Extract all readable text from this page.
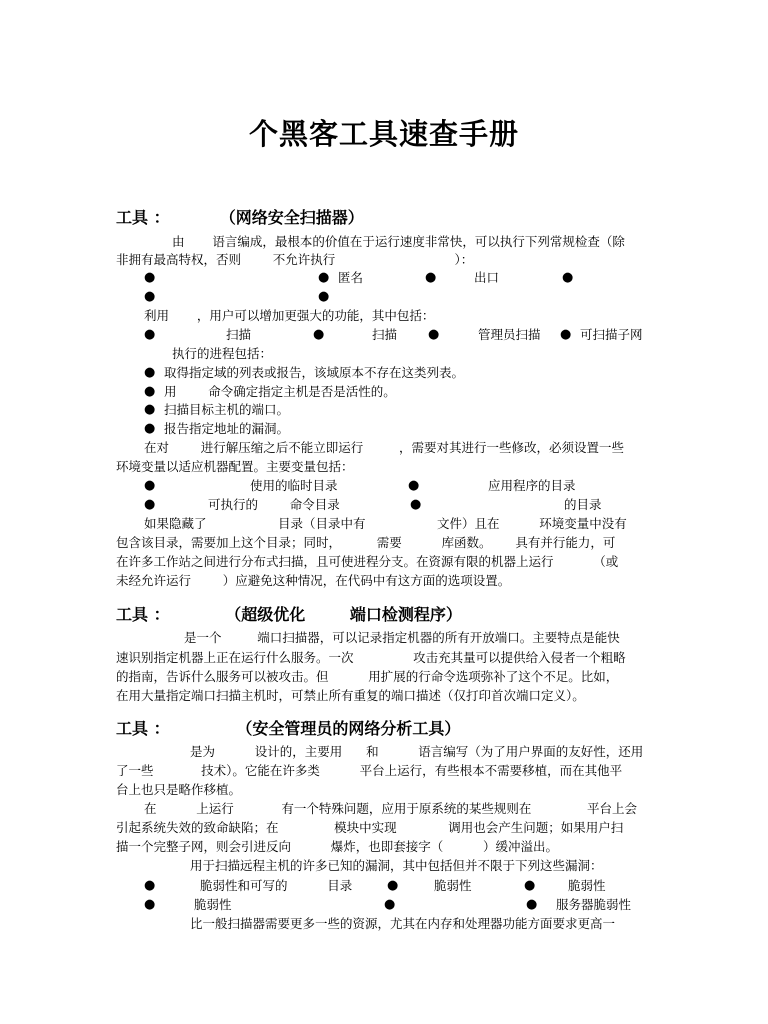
个黑客工具速查手册
工具 ：         （网络安全扫描器）
由       语言编成，最根本的价值在于运行速度非常快，可以执行下列常规检查（除
非拥有最高特权，否则        不允许执行                              ）：
●	● 匿名	●	出口	●
●	●
利用       ，用户可以增加更强大的功能，其中包括：
●	扫描	●	扫描 ●	管理员扫描 ● 可扫描子网
执行的进程包括：
● 取得指定域的列表或报告，该域原本不存在这类列表。
● 用        命令确定指定主机是否是活性的。
● 扫描目标主机的端口。
● 报告指定地址的漏洞。
在对        进行解压缩之后不能立即运行         ，需要对其进行一些修改，必须设置一些
环境变量以适应机器配置。主要变量包括：
●	使用的临时目录	●	应用程序的目录
●	可执行的        命令目录	●	的目录
如果隐藏了                  目录（目录中有                  文件）且在          环境变量中没有
包含该目录，需要加上这个目录；同时，         需要          库函数。      具有并行能力，可
在许多工作站之间进行分布式扫描，且可使进程分支。在资源有限的机器上运行          （或
未经允许运行        ）应避免这种情况，在代码中有这方面的选项设置。
工具 ：          （超级优化        端口检测程序）
是一个         端口扫描器，可以记录指定机器的所有开放端口。主要特点是能快
速识别指定机器上正在运行什么服务。一次               攻击充其量可以提供给入侵者一个粗略
的指南，告诉什么服务可以被攻击。但          用扩展的行命令选项弥补了这个不足。比如，
在用大量指定端口扫描主机时，可禁止所有重复的端口描述（仅打印首次端口定义）。
工具 ：            （安全管理员的网络分析工具）
是为          设计的，主要用      和          语言编写（为了用户界面的友好性，还用
了一些            技术）。它能在许多类          平台上运行，有些根本不需要移植，而在其他平
台上也只是略作移植。
在          上运行            有一个特殊问题，应用于原系统的某些规则在              平台上会
引起系统失效的致命缺陷；在              模块中实现             调用也会产生问题；如果用户扫
描一个完整子网，则会引进反向          爆炸，也即套接字（          ）缓冲溢出。
用于扫描远程主机的许多已知的漏洞，其中包括但并不限于下列这些漏洞：
●	脆弱性和可写的          目录	●	脆弱性	●	脆弱性
●	脆弱性	●	● 服务器脆弱性
比一般扫描器需要更多一些的资源，尤其在内存和处理器功能方面要求更高一
